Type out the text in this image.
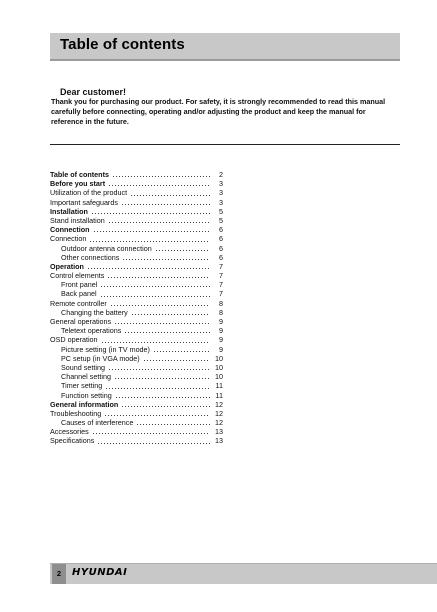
Table of contents
Dear customer!
Thank you for purchasing our product. For safety, it is strongly recommended to read this manual carefully before connecting, operating and/or adjusting the product and keep the manual for reference in the future.
Table of contents	2
Before you start	3
Utilization of the product	3
Important safeguards	3
Installation	5
Stand installation	5
Connection	6
Connection	6
Outdoor antenna connection	6
Other connections	6
Operation	7
Control elements	7
Front panel	7
Back panel	7
Remote controller	8
Changing the battery	8
General operations	9
Teletext operations	9
OSD operation	9
Picture setting (in TV mode)	9
PC setup (in VGA mode)	10
Sound setting	10
Channel setting	10
Timer setting	11
Function setting	11
General information	12
Troubleshooting	12
Causes of interference	12
Accessories	13
Specifications	13
2	HYUNDAI
